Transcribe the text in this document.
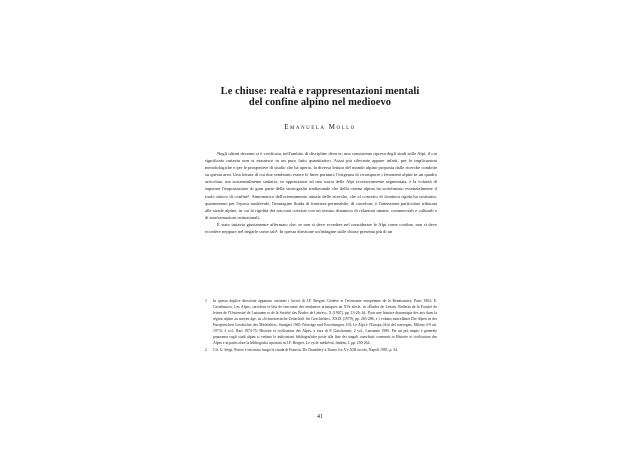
Le chiuse: realtà e rappresentazioni mentali
del confine alpino nel medioevo

Emanuela Mollo

Negli ultimi decenni si è verificata, nell'ambito di discipline diverse, una consistente ripresa degli studi sulle Alpi, il cui significato tuttavia non si esaurisce in un puro fatto quantitativo. Assai più rilevante appare infatti, per le implicazioni metodologiche e per le prospettive di studio che ha aperto, la diversa lettura del mondo alpino proposta dalle ricerche condotte su questa area. Una lettura di cui due sembrano essere le linee portanti: l'esigenza di ricomporre i fenomeni alpini in un quadro articolato, ma sostanzialmente unitario, in opposizione ad una storia delle Alpi eccessivamente segmentata, e la volontà di superare l'impostazione di gran parte della storiografia tradizionale che della catena alpina ha sottolineato essenzialmente il ruolo statico di confine¹. Sintomatico dell'orientamento attuale delle ricerche, che al concetto di frontiera rigida ha sostituito, quantomeno per l'epoca medievale, l'immagine fluida di frontiera permeabile, di carrefour, è l'attenzione particolare tributata alle strade alpine, in cui la rigidità dei tracciati coesiste con un tessuto dinamico di relazioni umane, commerciali e culturali e di trasformazioni istituzionali.

È stato tuttavia giustamente affermato che, se non si deve eccedere nel considerare le Alpi come confine, non si deve eccedere neppure nel negarle come tali². In questa direzione un'indagine sulle chiuse presenta più di un

1 In questa duplice direzione appaiono orientati i lavori di J.F. Bergier, Genève et l'économie européenne de la Renaissance, Paris 1963; E. Castelnuovo, Les Alpes, carrefour et lieu de rencontre des tendances artistiques au XVe siècle, in «Études de Lettres. Bulletin de la Faculté de lettres de l'Université de Lausanne et de la Société des Études de Lettres», X (1967), pp. 13-26; Id., Pour une histoire dynamique des arts dans la région alpine au moyen âge, in «Schweizerische Zeitschrift für Geschichte», XXIX (1979), pp. 265-286; e i volumi miscellanei Die Alpen in der Europäischen Geschichte des Mittelalters, Stuttgart 1965 (Vorträge und Forschungen, 10); Le Alpi e l'Europa (Atti del convegno, Milano 4-9 ott. 1973), 4 vol., Bari 1974-75; Histoire et civilisation des Alpes, a cura di P. Guichonnet, 2 vol., Lausanne 1980. Per un più ampio e generale panorama sugli studi alpini si vedano le indicazioni bibliografiche poste alla fine dei singoli contributi contenuti in Histoire et civilisation des Alpes e in particolare la bibliografia riportata in J.F. Bergier, Le cycle médiéval, ibidem, I, pp. 250-264.

2 Cfr. G. Sergi, Potere e territorio lungo la strada di Francia. Da Chambéry a Torino fra X e XIII secolo, Napoli 1981, p. 34.

41
